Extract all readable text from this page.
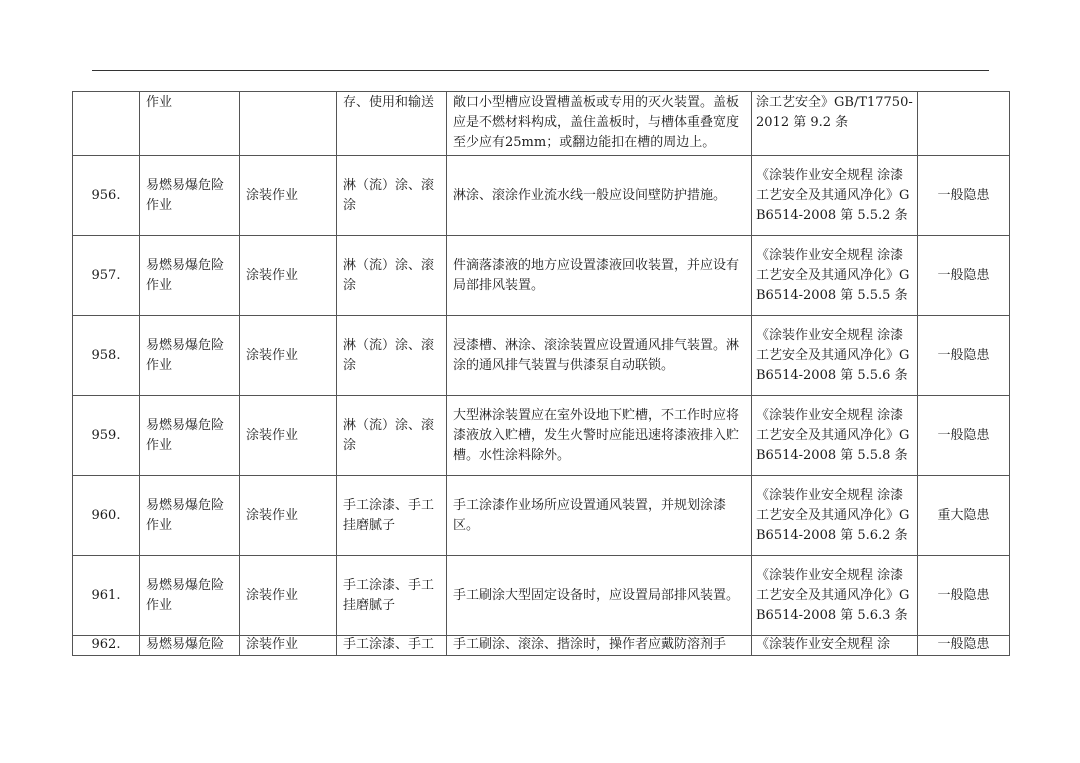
	作业		存、使用和输送	敞口小型槽应设置槽盖板或专用的灭火装置。盖板应是不燃材料构成，盖住盖板时，与槽体重叠宽度至少应有25mm；或翻边能扣在槽的周边上。	涂工艺安全》GB/T17750-2012 第 9.2 条	
956.	易燃易爆危险作业	涂装作业	淋（流）涂、滚涂	淋涂、滚涂作业流水线一般应设间壁防护措施。	《涂装作业安全规程 涂漆工艺安全及其通风净化》GB6514-2008 第 5.5.2 条	一般隐患
957.	易燃易爆危险作业	涂装作业	淋（流）涂、滚涂	件滴落漆液的地方应设置漆液回收装置，并应设有局部排风装置。	《涂装作业安全规程 涂漆工艺安全及其通风净化》GB6514-2008 第 5.5.5 条	一般隐患
958.	易燃易爆危险作业	涂装作业	淋（流）涂、滚涂	浸漆槽、淋涂、滚涂装置应设置通风排气装置。淋涂的通风排气装置与供漆泵自动联锁。	《涂装作业安全规程 涂漆工艺安全及其通风净化》GB6514-2008 第 5.5.6 条	一般隐患
959.	易燃易爆危险作业	涂装作业	淋（流）涂、滚涂	大型淋涂装置应在室外设地下贮槽，不工作时应将漆液放入贮槽，发生火警时应能迅速将漆液排入贮槽。水性涂料除外。	《涂装作业安全规程 涂漆工艺安全及其通风净化》GB6514-2008 第 5.5.8 条	一般隐患
960.	易燃易爆危险作业	涂装作业	手工涂漆、手工挂磨腻子	手工涂漆作业场所应设置通风装置，并规划涂漆区。	《涂装作业安全规程 涂漆工艺安全及其通风净化》GB6514-2008 第 5.6.2 条	重大隐患
961.	易燃易爆危险作业	涂装作业	手工涂漆、手工挂磨腻子	手工刷涂大型固定设备时，应设置局部排风装置。	《涂装作业安全规程 涂漆工艺安全及其通风净化》GB6514-2008 第 5.6.3 条	一般隐患
962.	易燃易爆危险	涂装作业	手工涂漆、手工	手工刷涂、滚涂、揩涂时，操作者应戴防溶剂手	《涂装作业安全规程 涂	一般隐患
